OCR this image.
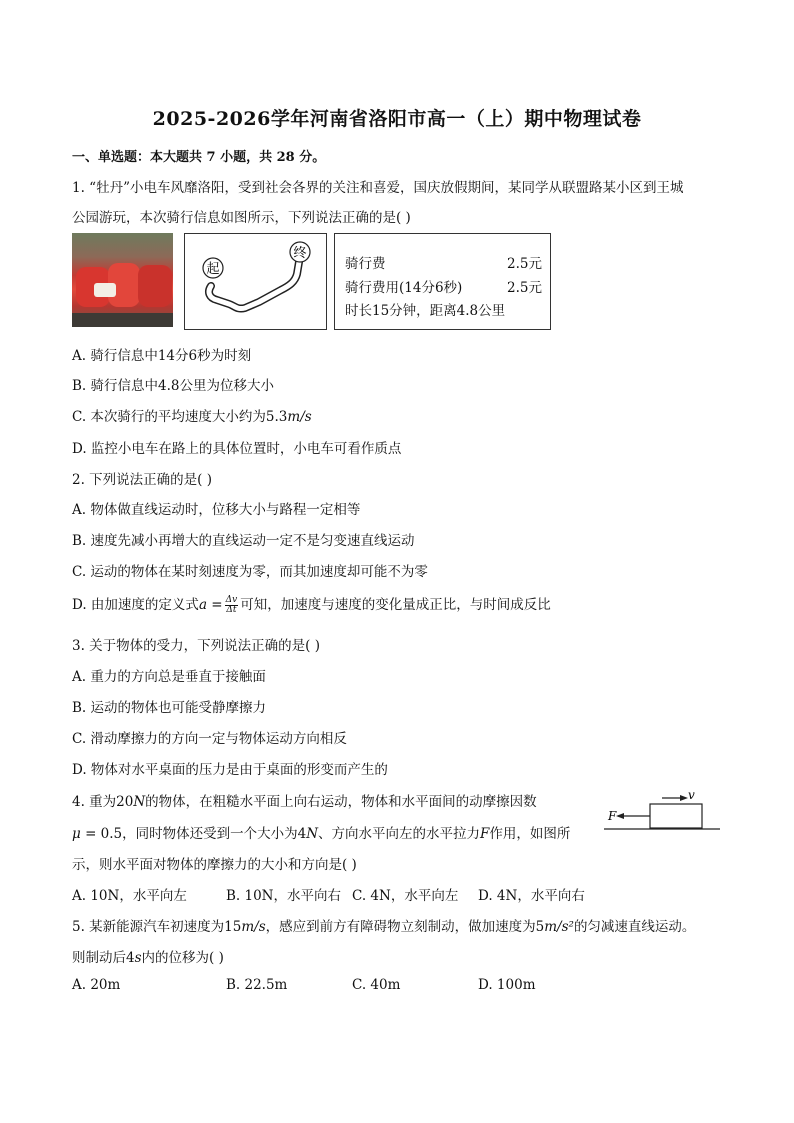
2025-2026学年河南省洛阳市高一（上）期中物理试卷
一、单选题：本大题共 7 小题，共 28 分。
1. “牡丹”小电车风靡洛阳，受到社会各界的关注和喜爱，国庆放假期间，某同学从联盟路某小区到王城
公园游玩，本次骑行信息如图所示，下列说法正确的是( )
起
终
骑行费	2.5元
骑行费用(14分6秒)	2.5元
时长15分钟，距离4.8公里
A. 骑行信息中14分6秒为时刻
B. 骑行信息中4.8公里为位移大小
C. 本次骑行的平均速度大小约为5.3m/s
D. 监控小电车在路上的具体位置时，小电车可看作质点
2. 下列说法正确的是( )
A. 物体做直线运动时，位移大小与路程一定相等
B. 速度先减小再增大的直线运动一定不是匀变速直线运动
C. 运动的物体在某时刻速度为零，而其加速度却可能不为零
D. 由加速度的定义式$a = \frac{\Delta v}{\Delta t}$ 可知，加速度与速度的变化量成正比，与时间成反比
3. 关于物体的受力，下列说法正确的是( )
A. 重力的方向总是垂直于接触面
B. 运动的物体也可能受静摩擦力
C. 滑动摩擦力的方向一定与物体运动方向相反
D. 物体对水平桌面的压力是由于桌面的形变而产生的
4. 重为20N的物体，在粗糙水平面上向右运动，物体和水平面间的动摩擦因数
μ = 0.5，同时物体还受到一个大小为4N、方向水平向左的水平拉力F作用，如图所
示，则水平面对物体的摩擦力的大小和方向是( )
F
v
A. 10N，水平向左	B. 10N，水平向右 C. 4N，水平向左 D. 4N，水平向右
5. 某新能源汽车初速度为15m/s，感应到前方有障碍物立刻制动，做加速度为5m/s²的匀减速直线运动。
则制动后4s内的位移为( )
A. 20m	B. 22.5m	C. 40m	D. 100m
